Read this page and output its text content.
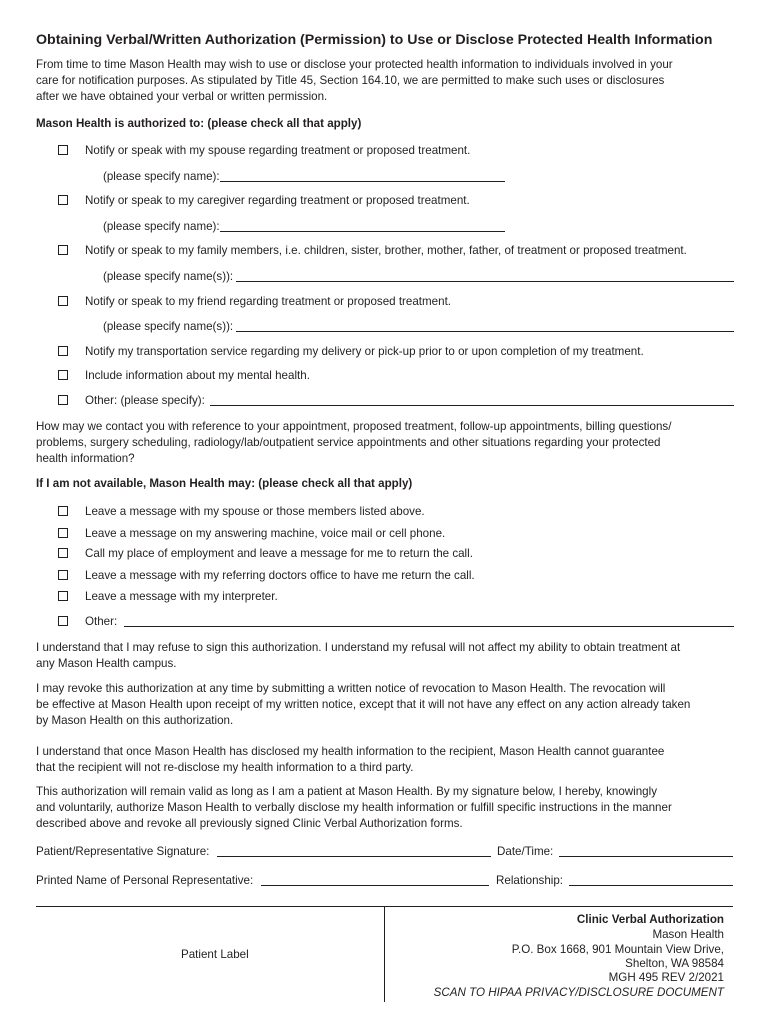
Obtaining Verbal/Written Authorization (Permission) to Use or Disclose Protected Health Information
From time to time Mason Health may wish to use or disclose your protected health information to individuals involved in your
care for notification purposes. As stipulated by Title 45, Section 164.10, we are permitted to make such uses or disclosures
after we have obtained your verbal or written permission.
Mason Health is authorized to: (please check all that apply)
Notify or speak with my spouse regarding treatment or proposed treatment.
(please specify name):
Notify or speak to my caregiver regarding treatment or proposed treatment.
(please specify name):
Notify or speak to my family members, i.e. children, sister, brother, mother, father, of treatment or proposed treatment.
(please specify name(s)):
Notify or speak to my friend regarding treatment or proposed treatment.
(please specify name(s)):
Notify my transportation service regarding my delivery or pick-up prior to or upon completion of my treatment.
Include information about my mental health.
Other: (please specify):
How may we contact you with reference to your appointment, proposed treatment, follow-up appointments, billing questions/
problems, surgery scheduling, radiology/lab/outpatient service appointments and other situations regarding your protected
health information?
If I am not available, Mason Health may: (please check all that apply)
Leave a message with my spouse or those members listed above.
Leave a message on my answering machine, voice mail or cell phone.
Call my place of employment and leave a message for me to return the call.
Leave a message with my referring doctors office to have me return the call.
Leave a message with my interpreter.
Other:
I understand that I may refuse to sign this authorization. I understand my refusal will not affect my ability to obtain treatment at
any Mason Health campus.
I may revoke this authorization at any time by submitting a written notice of revocation to Mason Health. The revocation will
be effective at Mason Health upon receipt of my written notice, except that it will not have any effect on any action already taken
by Mason Health on this authorization.
I understand that once Mason Health has disclosed my health information to the recipient, Mason Health cannot guarantee
that the recipient will not re-disclose my health information to a third party.
This authorization will remain valid as long as I am a patient at Mason Health. By my signature below, I hereby, knowingly
and voluntarily, authorize Mason Health to verbally disclose my health information or fulfill specific instructions in the manner
described above and revoke all previously signed Clinic Verbal Authorization forms.
Patient/Representative Signature:	Date/Time:
Printed Name of Personal Representative:	Relationship:
Patient Label
Clinic Verbal Authorization
Mason Health
P.O. Box 1668, 901 Mountain View Drive,
Shelton, WA 98584
MGH 495 REV 2/2021
SCAN TO HIPAA PRIVACY/DISCLOSURE DOCUMENT
